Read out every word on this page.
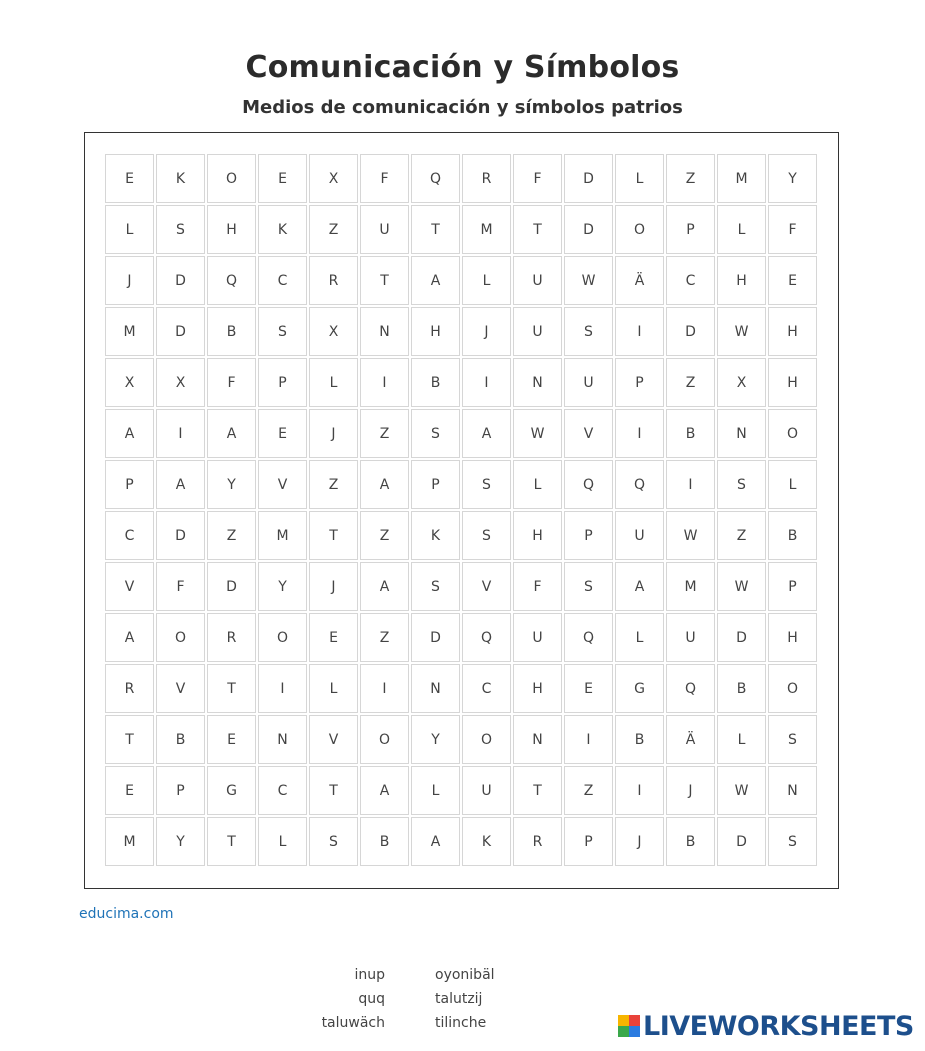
Comunicación y Símbolos
Medios de comunicación y símbolos patrios
E	K	O	E	X	F	Q	R	F	D	L	Z	M	Y
L	S	H	K	Z	U	T	M	T	D	O	P	L	F
J	D	Q	C	R	T	A	L	U	W	Ä	C	H	E
M	D	B	S	X	N	H	J	U	S	I	D	W	H
X	X	F	P	L	I	B	I	N	U	P	Z	X	H
A	I	A	E	J	Z	S	A	W	V	I	B	N	O
P	A	Y	V	Z	A	P	S	L	Q	Q	I	S	L
C	D	Z	M	T	Z	K	S	H	P	U	W	Z	B
V	F	D	Y	J	A	S	V	F	S	A	M	W	P
A	O	R	O	E	Z	D	Q	U	Q	L	U	D	H
R	V	T	I	L	I	N	C	H	E	G	Q	B	O
T	B	E	N	V	O	Y	O	N	I	B	Ä	L	S
E	P	G	C	T	A	L	U	T	Z	I	J	W	N
M	Y	T	L	S	B	A	K	R	P	J	B	D	S
educima.com
inup
quq
taluwäch
oyonibäl
talutzij
tilinche	LIVEWORKSHEETS
